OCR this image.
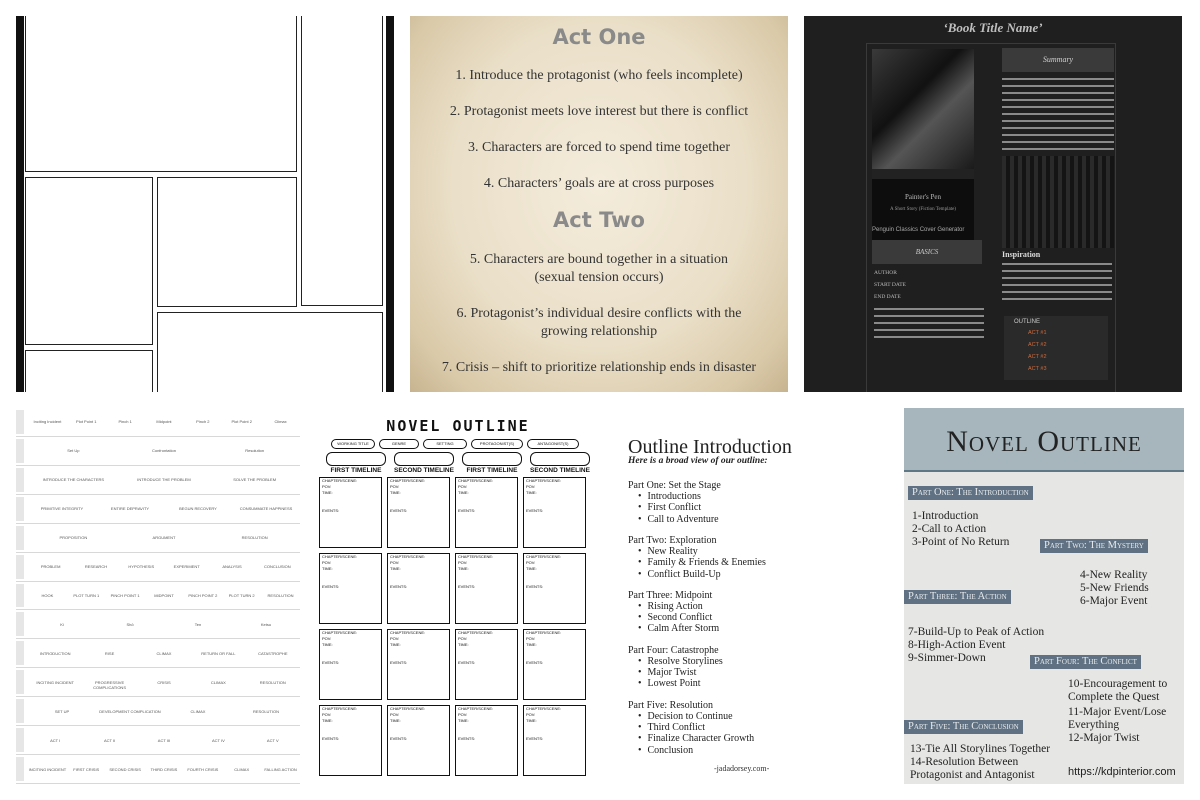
Act One
1. Introduce the protagonist (who feels incomplete)
2. Protagonist meets love interest but there is conflict
3. Characters are forced to spend time together
4. Characters’ goals are at cross purposes
Act Two
5. Characters are bound together in a situation (sexual tension occurs)
6. Protagonist’s individual desire conflicts with the growing relationship
7. Crisis – shift to prioritize relationship ends in disaster
‘Book Title Name’
Painter's Pen
A Short Story (Fiction Template)
Penguin Classics Cover Generator
Summary
Inspiration
BASICS
AUTHOR
START DATE
END DATE
OUTLINE
ACT #1
ACT #2
ACT #2
ACT #3
Inciting Incident	Plot Point 1	Pinch 1	Midpoint	Pinch 2	Plot Point 2	Climax
Set Up	Confrontation	Resolution
INTRODUCE THE CHARACTERS	INTRODUCE THE PROBLEM	SOLVE THE PROBLEM
PRIMITIVE INTEGRITY	ENTIRE DEPRAVITY	BEGUN RECOVERY	CONSUMMATE HAPPINESS
PROPOSITION	ARGUMENT	RESOLUTION
PROBLEM	RESEARCH	HYPOTHESIS	EXPERIMENT	ANALYSIS	CONCLUSION
HOOK	PLOT TURN 1	PINCH POINT 1	MIDPOINT	PINCH POINT 2	PLOT TURN 2	RESOLUTION
Ki	Shō	Ten	Ketsu
INTRODUCTION	RISE	CLIMAX	RETURN OR FALL	CATASTROPHE
INCITING INCIDENT	PROGRESSIVE COMPLICATIONS
CRISIS	CLIMAX	RESOLUTION
SET UP	DEVELOPMENT COMPLICATION	CLIMAX	RESOLUTION
ACT I	ACT II	ACT III	ACT IV	ACT V
INCITING INCIDENT	FIRST CRISIS	SECOND CRISIS	THIRD CRISIS	FOURTH CRISIS	CLIMAX	FALLING ACTION
NOVEL OUTLINE
WORKING TITLE	GENRE	SETTING	PROTAGONIST(S)	ANTAGONIST(S)
FIRST TIMELINE	SECOND TIMELINE	FIRST TIMELINE	SECOND TIMELINE
CHAPTER/SCENE:
POV:
TIME:
EVENTS:
CHAPTER/SCENE:
POV:
TIME:
EVENTS:
CHAPTER/SCENE:
POV:
TIME:
EVENTS:
CHAPTER/SCENE:
POV:
TIME:
EVENTS:
CHAPTER/SCENE:
POV:
TIME:
EVENTS:
CHAPTER/SCENE:
POV:
TIME:
EVENTS:
CHAPTER/SCENE:
POV:
TIME:
EVENTS:
CHAPTER/SCENE:
POV:
TIME:
EVENTS:
CHAPTER/SCENE:
POV:
TIME:
EVENTS:
CHAPTER/SCENE:
POV:
TIME:
EVENTS:
CHAPTER/SCENE:
POV:
TIME:
EVENTS:
CHAPTER/SCENE:
POV:
TIME:
EVENTS:
CHAPTER/SCENE:
POV:
TIME:
EVENTS:
CHAPTER/SCENE:
POV:
TIME:
EVENTS:
CHAPTER/SCENE:
POV:
TIME:
EVENTS:
CHAPTER/SCENE:
POV:
TIME:
EVENTS:
Outline Introduction
Here is a broad view of our outline:
Part One: Set the Stage
• Introductions
• First Conflict
• Call to Adventure
Part Two: Exploration
• New Reality
• Family & Friends & Enemies
• Conflict Build-Up
Part Three: Midpoint
• Rising Action
• Second Conflict
• Calm After Storm
Part Four: Catastrophe
• Resolve Storylines
• Major Twist
• Lowest Point
Part Five: Resolution
• Decision to Continue
• Third Conflict
• Finalize Character Growth
• Conclusion
-jadadorsey.com-
Novel Outline
Part One: The Introduction
1-Introduction
2-Call to Action
3-Point of No Return	Part Two: The Mystery
4-New Reality
5-New Friends
6-Major Event
Part Three: The Action
7-Build-Up to Peak of Action
8-High-Action Event
9-Simmer-Down	Part Four: The Conflict
10-Encouragement to Complete the Quest
11-Major Event/Lose Everything
12-Major Twist
Part Five: The Conclusion
13-Tie All Storylines Together
14-Resolution Between Protagonist and Antagonist	https://kdpinterior.com
